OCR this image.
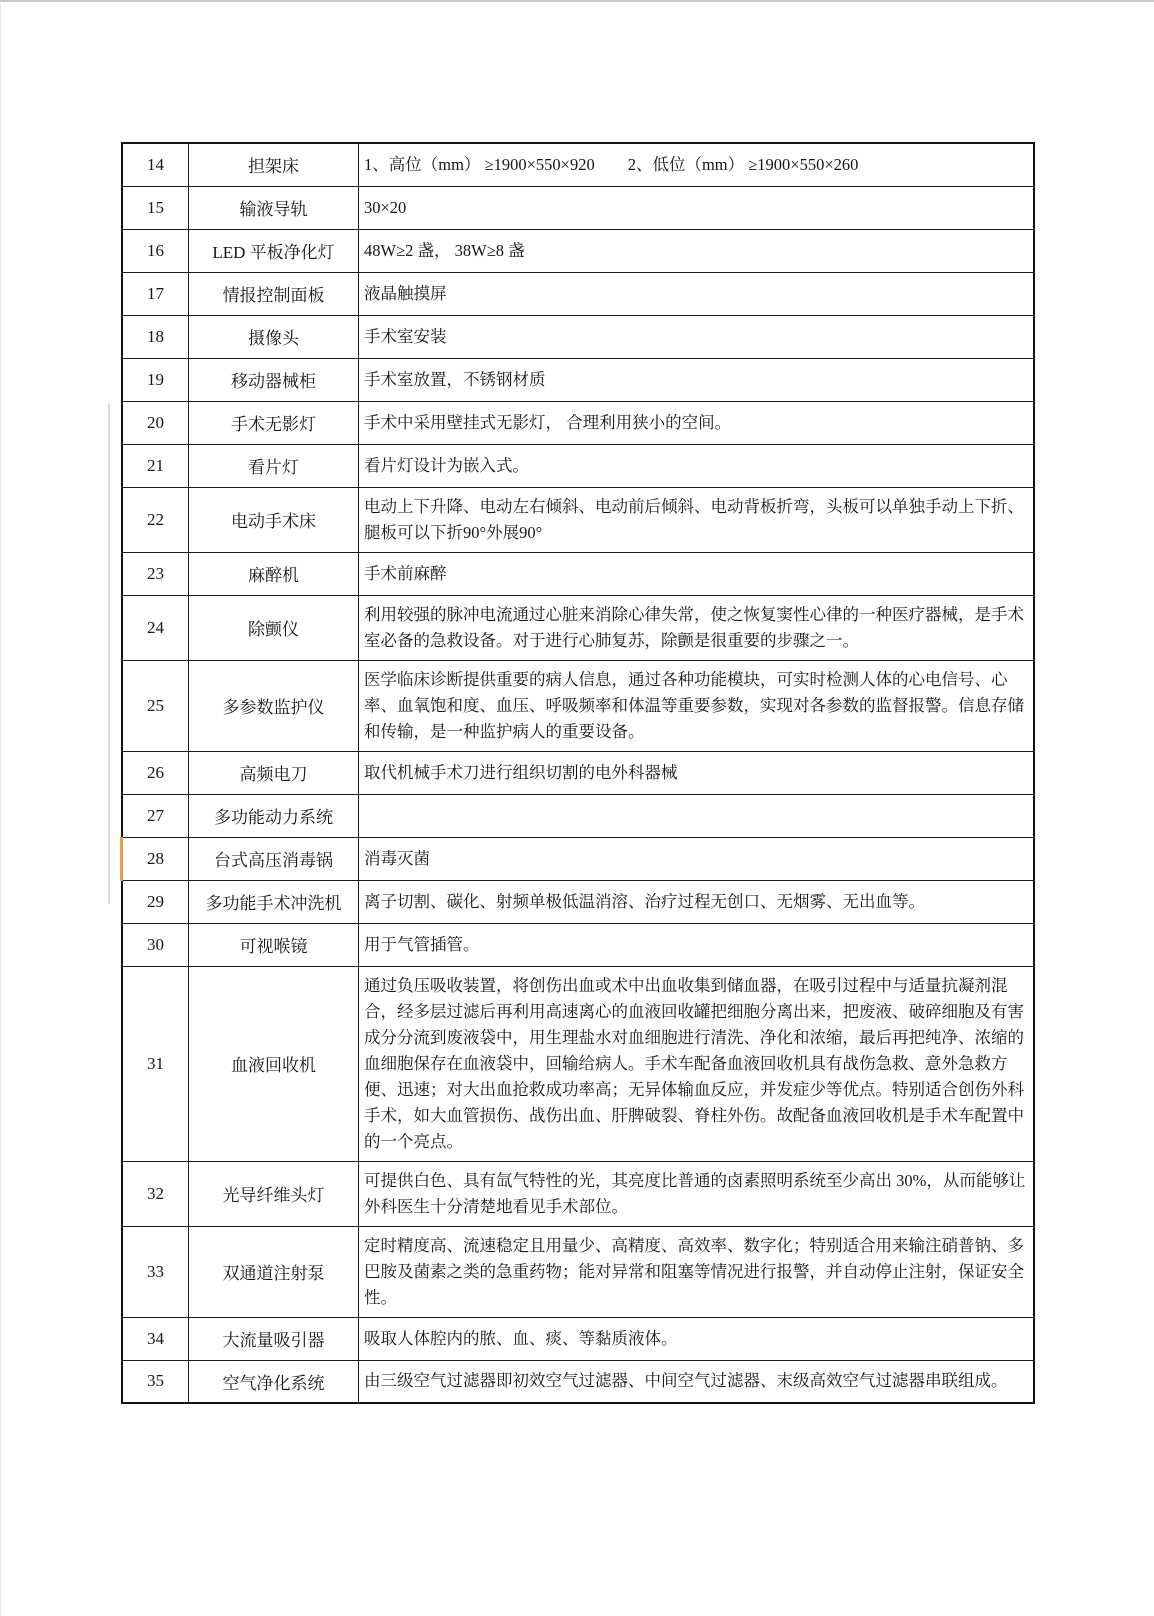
14	担架床	1、高位（mm） ≥1900×550×920　　2、低位（mm） ≥1900×550×260
15	输液导轨	30×20
16	LED 平板净化灯	48W≥2 盏， 38W≥8 盏
17	情报控制面板	液晶触摸屏
18	摄像头	手术室安装
19	移动器械柜	手术室放置，不锈钢材质
20	手术无影灯	手术中采用壁挂式无影灯， 合理利用狭小的空间。
21	看片灯	看片灯设计为嵌入式。
22	电动手术床	电动上下升降、电动左右倾斜、电动前后倾斜、电动背板折弯，头板可以单独手动上下折、腿板可以下折90°外展90°
23	麻醉机	手术前麻醉
24	除颤仪	利用较强的脉冲电流通过心脏来消除心律失常，使之恢复窦性心律的一种医疗器械，是手术室必备的急救设备。对于进行心肺复苏，除颤是很重要的步骤之一。
25	多参数监护仪	医学临床诊断提供重要的病人信息，通过各种功能模块，可实时检测人体的心电信号、心率、血氧饱和度、血压、呼吸频率和体温等重要参数，实现对各参数的监督报警。信息存储和传输，是一种监护病人的重要设备。
26	高频电刀	取代机械手术刀进行组织切割的电外科器械
27	多功能动力系统	
28	台式高压消毒锅	消毒灭菌
29	多功能手术冲洗机	离子切割、碳化、射频单极低温消溶、治疗过程无创口、无烟雾、无出血等。
30	可视喉镜	用于气管插管。
31	血液回收机	通过负压吸收装置，将创伤出血或术中出血收集到储血器，在吸引过程中与适量抗凝剂混合，经多层过滤后再利用高速离心的血液回收罐把细胞分离出来，把废液、破碎细胞及有害成分分流到废液袋中，用生理盐水对血细胞进行清洗、净化和浓缩，最后再把纯净、浓缩的血细胞保存在血液袋中，回输给病人。手术车配备血液回收机具有战伤急救、意外急救方便、迅速；对大出血抢救成功率高；无异体输血反应，并发症少等优点。特别适合创伤外科手术，如大血管损伤、战伤出血、肝脾破裂、脊柱外伤。故配备血液回收机是手术车配置中的一个亮点。
32	光导纤维头灯	可提供白色、具有氙气特性的光，其亮度比普通的卤素照明系统至少高出 30%，从而能够让外科医生十分清楚地看见手术部位。
33	双通道注射泵	定时精度高、流速稳定且用量少、高精度、高效率、数字化；特别适合用来输注硝普钠、多巴胺及菌素之类的急重药物；能对异常和阻塞等情况进行报警，并自动停止注射，保证安全性。
34	大流量吸引器	吸取人体腔内的脓、血、痰、等黏质液体。
35	空气净化系统	由三级空气过滤器即初效空气过滤器、中间空气过滤器、末级高效空气过滤器串联组成。
